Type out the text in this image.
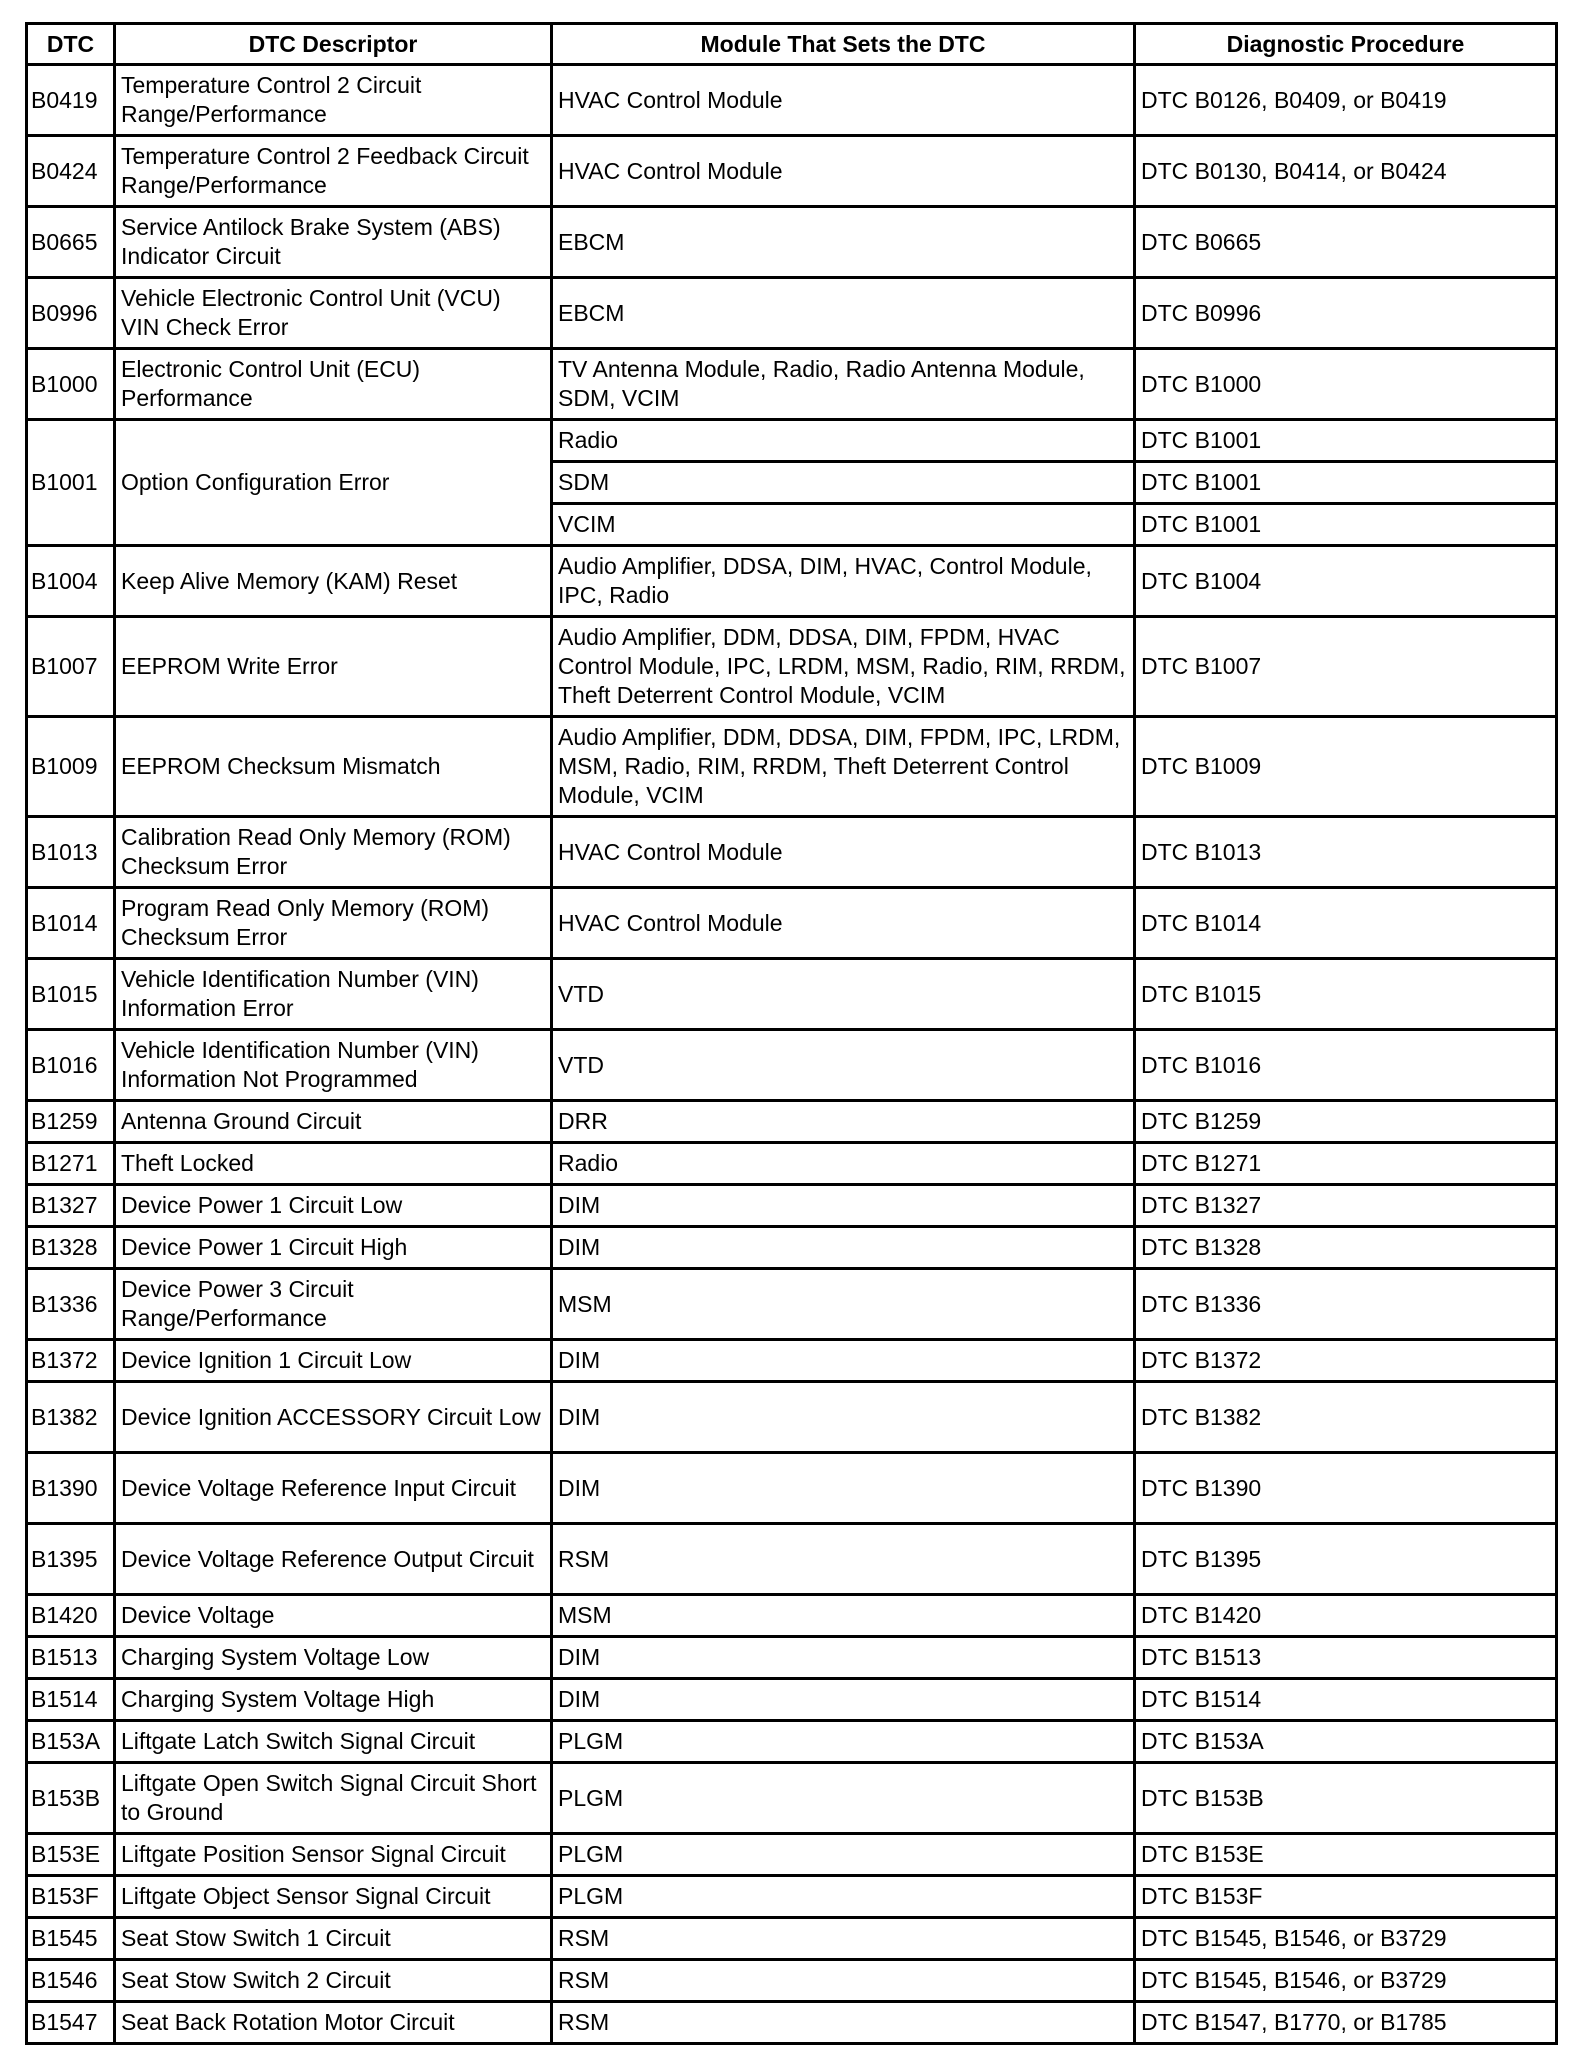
DTC	DTC Descriptor	Module That Sets the DTC	Diagnostic Procedure
B0419	Temperature Control 2 Circuit Range/Performance	HVAC Control Module	DTC B0126, B0409, or B0419
B0424	Temperature Control 2 Feedback Circuit Range/Performance	HVAC Control Module	DTC B0130, B0414, or B0424
B0665	Service Antilock Brake System (ABS) Indicator Circuit	EBCM	DTC B0665
B0996	Vehicle Electronic Control Unit (VCU) VIN Check Error	EBCM	DTC B0996
B1000	Electronic Control Unit (ECU) Performance	TV Antenna Module, Radio, Radio Antenna Module, SDM, VCIM	DTC B1000
B1001	Option Configuration Error	Radio	DTC B1001
		SDM	DTC B1001
		VCIM	DTC B1001
B1004	Keep Alive Memory (KAM) Reset	Audio Amplifier, DDSA, DIM, HVAC, Control Module, IPC, Radio	DTC B1004
B1007	EEPROM Write Error	Audio Amplifier, DDM, DDSA, DIM, FPDM, HVAC Control Module, IPC, LRDM, MSM, Radio, RIM, RRDM, Theft Deterrent Control Module, VCIM	DTC B1007
B1009	EEPROM Checksum Mismatch	Audio Amplifier, DDM, DDSA, DIM, FPDM, IPC, LRDM, MSM, Radio, RIM, RRDM, Theft Deterrent Control Module, VCIM	DTC B1009
B1013	Calibration Read Only Memory (ROM) Checksum Error	HVAC Control Module	DTC B1013
B1014	Program Read Only Memory (ROM) Checksum Error	HVAC Control Module	DTC B1014
B1015	Vehicle Identification Number (VIN) Information Error	VTD	DTC B1015
B1016	Vehicle Identification Number (VIN) Information Not Programmed	VTD	DTC B1016
B1259	Antenna Ground Circuit	DRR	DTC B1259
B1271	Theft Locked	Radio	DTC B1271
B1327	Device Power 1 Circuit Low	DIM	DTC B1327
B1328	Device Power 1 Circuit High	DIM	DTC B1328
B1336	Device Power 3 Circuit Range/Performance	MSM	DTC B1336
B1372	Device Ignition 1 Circuit Low	DIM	DTC B1372
B1382	Device Ignition ACCESSORY Circuit Low	DIM	DTC B1382
B1390	Device Voltage Reference Input Circuit	DIM	DTC B1390
B1395	Device Voltage Reference Output Circuit	RSM	DTC B1395
B1420	Device Voltage	MSM	DTC B1420
B1513	Charging System Voltage Low	DIM	DTC B1513
B1514	Charging System Voltage High	DIM	DTC B1514
B153A	Liftgate Latch Switch Signal Circuit	PLGM	DTC B153A
B153B	Liftgate Open Switch Signal Circuit Short to Ground	PLGM	DTC B153B
B153E	Liftgate Position Sensor Signal Circuit	PLGM	DTC B153E
B153F	Liftgate Object Sensor Signal Circuit	PLGM	DTC B153F
B1545	Seat Stow Switch 1 Circuit	RSM	DTC B1545, B1546, or B3729
B1546	Seat Stow Switch 2 Circuit	RSM	DTC B1545, B1546, or B3729
B1547	Seat Back Rotation Motor Circuit	RSM	DTC B1547, B1770, or B1785
